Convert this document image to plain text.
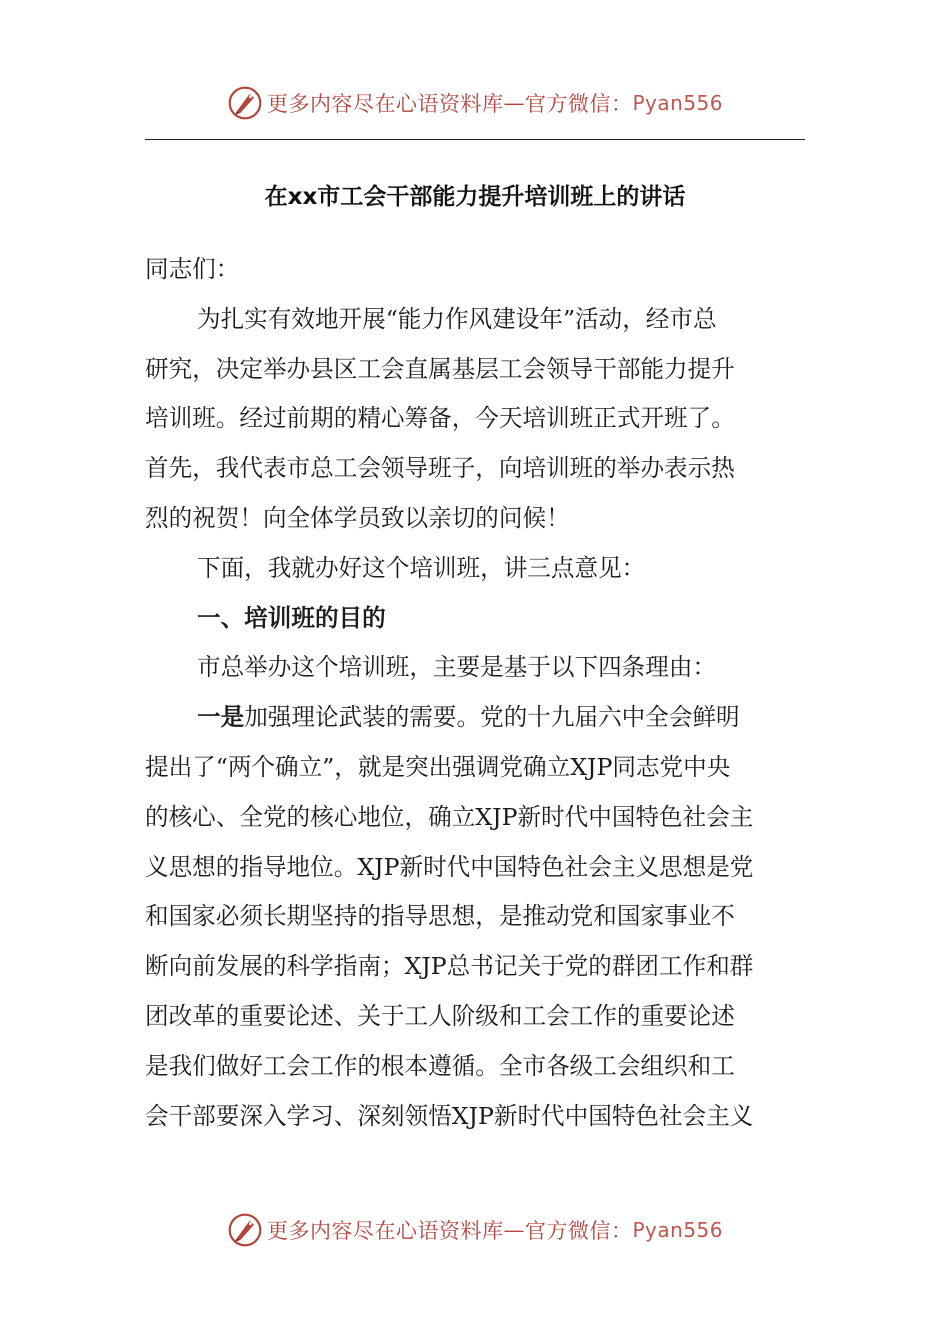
更多内容尽在心语资料库 — 官方微信： Pyan556
在xx市工会干部能力提升培训班上的讲话
同志们：
为扎实有效地开展“能力作风建设年”活动，经市总
研究，决定举办县区工会直属基层工会领导干部能力提升
培训班。经过前期的精心筹备，今天培训班正式开班了。
首先，我代表市总工会领导班子，向培训班的举办表示热
烈的祝贺！向全体学员致以亲切的问候！
下面，我就办好这个培训班，讲三点意见：
一、培训班的目的
市总举办这个培训班，主要是基于以下四条理由：
一是加强理论武装的需要。党的十九届六中全会鲜明
提出了“两个确立”，就是突出强调党确立XJP同志党中央
的核心、全党的核心地位，确立XJP新时代中国特色社会主
义思想的指导地位。XJP新时代中国特色社会主义思想是党
和国家必须长期坚持的指导思想，是推动党和国家事业不
断向前发展的科学指南；XJP总书记关于党的群团工作和群
团改革的重要论述、关于工人阶级和工会工作的重要论述
是我们做好工会工作的根本遵循。全市各级工会组织和工
会干部要深入学习、深刻领悟XJP新时代中国特色社会主义
更多内容尽在心语资料库 — 官方微信： Pyan556
